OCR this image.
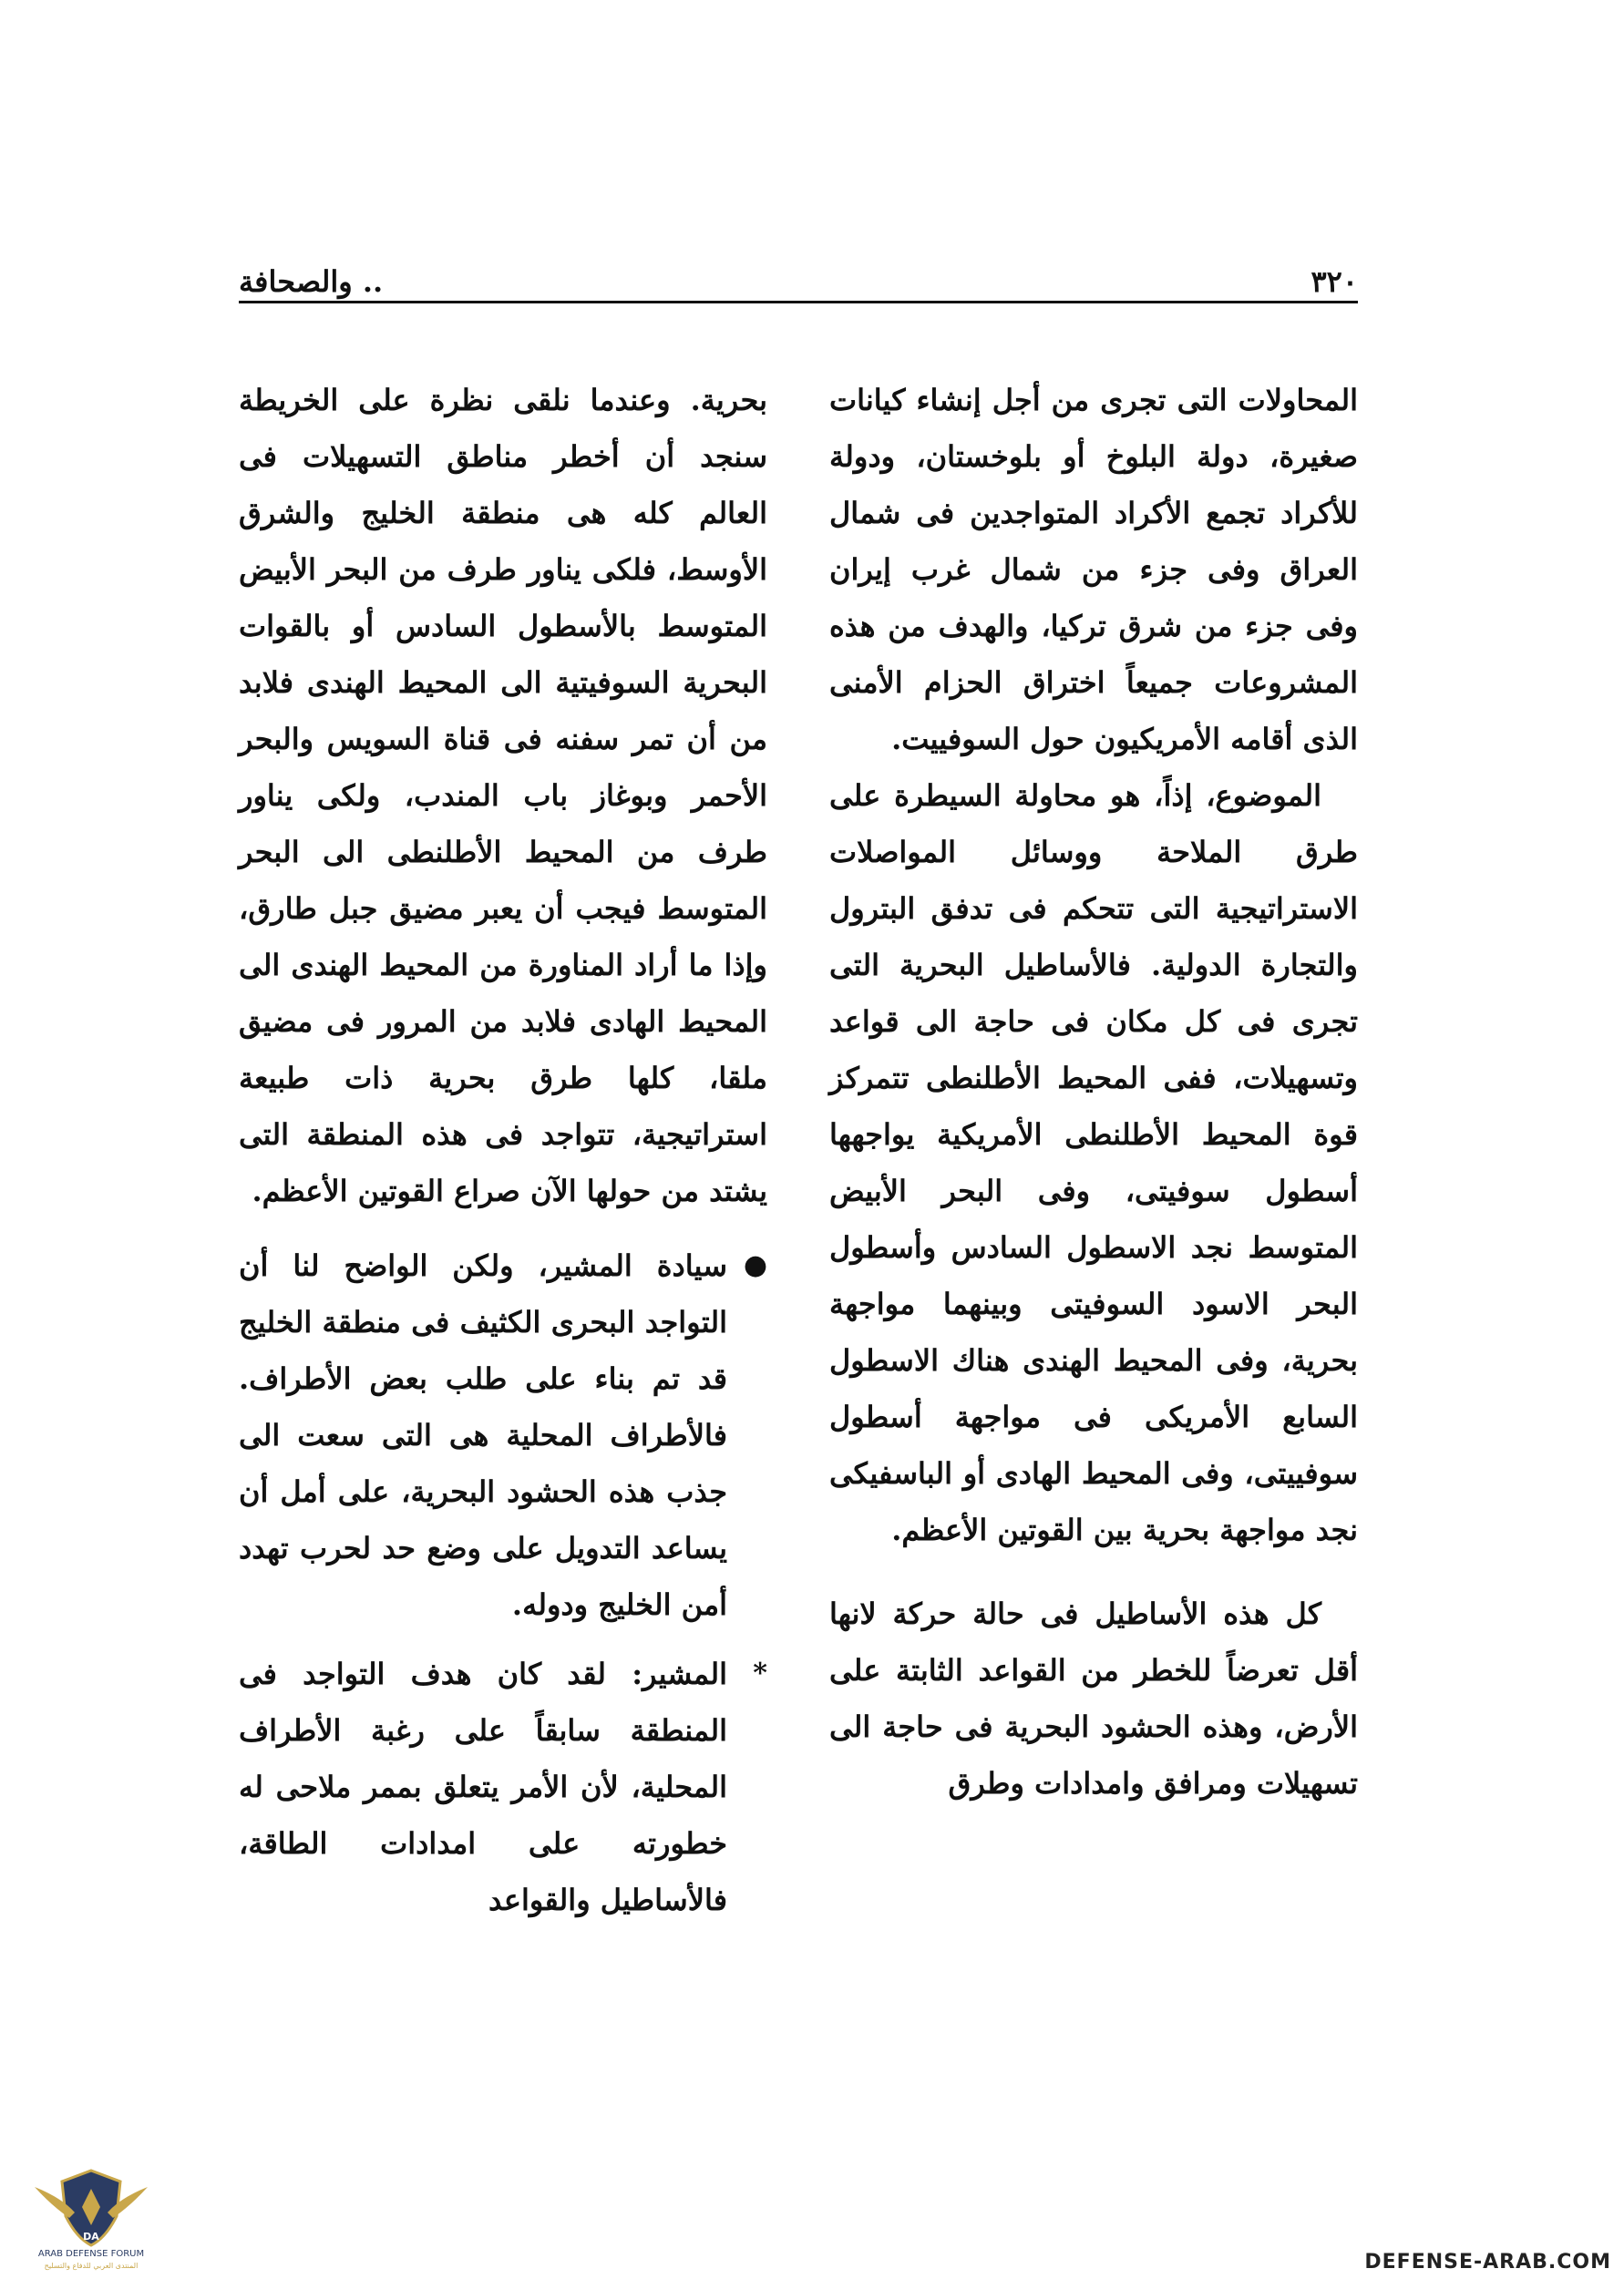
.. والصحافة	٣٢٠

المحاولات التى تجرى من أجل إنشاء كيانات صغيرة، دولة البلوخ أو بلوخستان، ودولة للأكراد تجمع الأكراد المتواجدين فى شمال العراق وفى جزء من شمال غرب إيران وفى جزء من شرق تركيا، والهدف من هذه المشروعات جميعاً اختراق الحزام الأمنى الذى أقامه الأمريكيون حول السوفييت.

الموضوع، إذاً، هو محاولة السيطرة على طرق الملاحة ووسائل المواصلات الاستراتيجية التى تتحكم فى تدفق البترول والتجارة الدولية. فالأساطيل البحرية التى تجرى فى كل مكان فى حاجة الى قواعد وتسهيلات، ففى المحيط الأطلنطى تتمركز قوة المحيط الأطلنطى الأمريكية يواجهها أسطول سوفيتى، وفى البحر الأبيض المتوسط نجد الاسطول السادس وأسطول البحر الاسود السوفيتى وبينهما مواجهة بحرية، وفى المحيط الهندى هناك الاسطول السابع الأمريكى فى مواجهة أسطول سوفييتى، وفى المحيط الهادى أو الباسفيكى نجد مواجهة بحرية بين القوتين الأعظم.

كل هذه الأساطيل فى حالة حركة لانها أقل تعرضاً للخطر من القواعد الثابتة على الأرض، وهذه الحشود البحرية فى حاجة الى تسهيلات ومرافق وامدادات وطرق

بحرية. وعندما نلقى نظرة على الخريطة سنجد أن أخطر مناطق التسهيلات فى العالم كله هى منطقة الخليج والشرق الأوسط، فلكى يناور طرف من البحر الأبيض المتوسط بالأسطول السادس أو بالقوات البحرية السوفيتية الى المحيط الهندى فلابد من أن تمر سفنه فى قناة السويس والبحر الأحمر وبوغاز باب المندب، ولكى يناور طرف من المحيط الأطلنطى الى البحر المتوسط فيجب أن يعبر مضيق جبل طارق، وإذا ما أراد المناورة من المحيط الهندى الى المحيط الهادى فلابد من المرور فى مضيق ملقا، كلها طرق بحرية ذات طبيعة استراتيجية، تتواجد فى هذه المنطقة التى يشتد من حولها الآن صراع القوتين الأعظم.

●

سيادة المشير، ولكن الواضح لنا أن التواجد البحرى الكثيف فى منطقة الخليج قد تم بناء على طلب بعض الأطراف. فالأطراف المحلية هى التى سعت الى جذب هذه الحشود البحرية، على أمل أن يساعد التدويل على وضع حد لحرب تهدد أمن الخليج ودوله.

*

المشير: لقد كان هدف التواجد فى المنطقة سابقاً على رغبة الأطراف المحلية، لأن الأمر يتعلق بممر ملاحى له خطورته على امدادات الطاقة، فالأساطيل والقواعد

DA
ARAB DEFENSE FORUM
المنتدى العربي للدفاع والتسليح	DEFENSE-ARAB.COM
